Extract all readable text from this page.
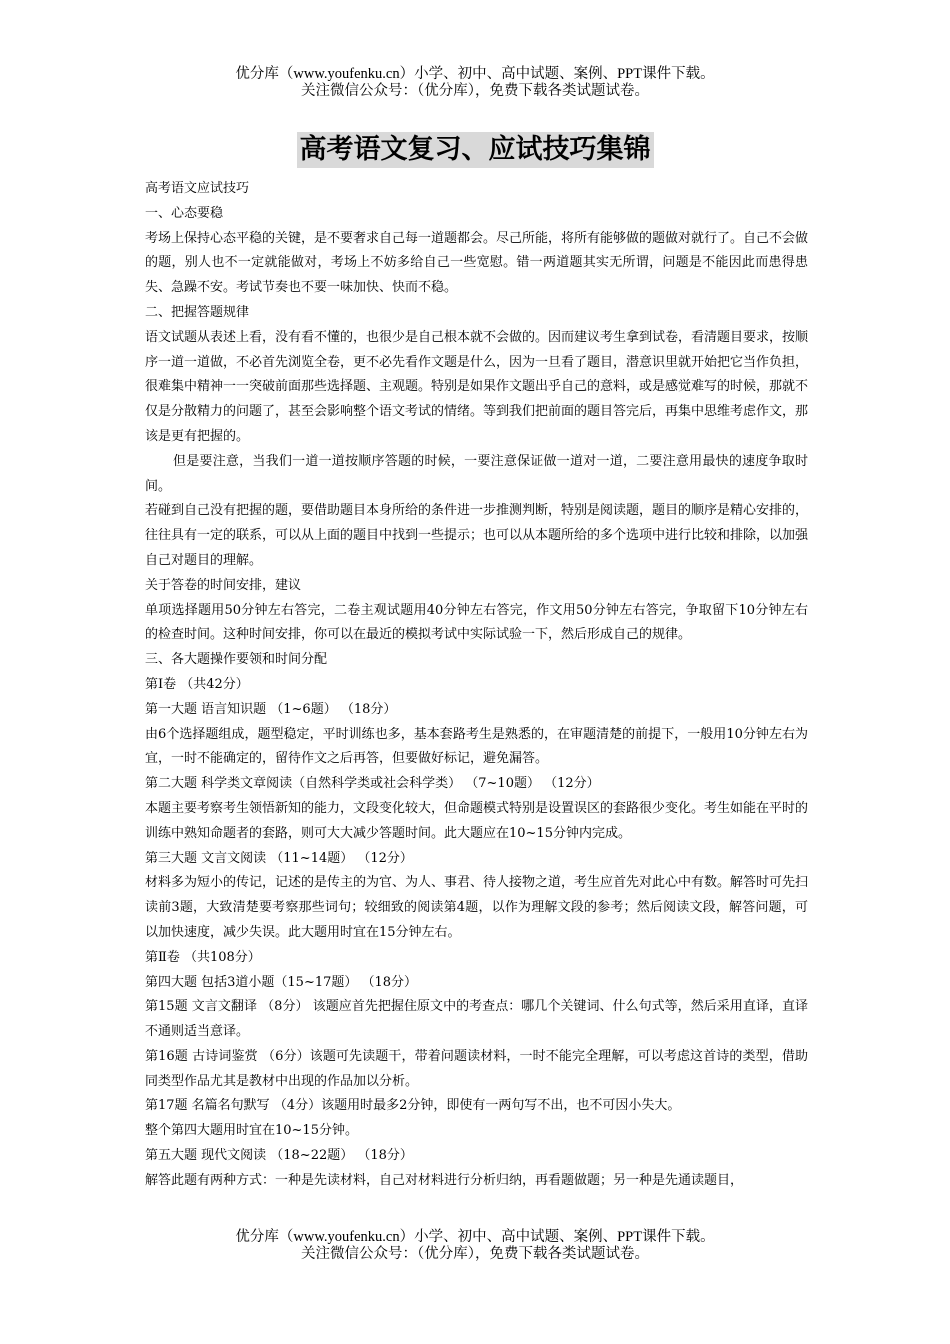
优分库（www.youfenku.cn）小学、初中、高中试题、案例、PPT课件下载。
关注微信公众号：（优分库），免费下载各类试题试卷。
高考语文复习、应试技巧集锦

高考语文应试技巧

一、心态要稳

考场上保持心态平稳的关键，是不要奢求自己每一道题都会。尽己所能，将所有能够做的题做对就行了。自己不会做的题，别人也不一定就能做对，考场上不妨多给自己一些宽慰。错一两道题其实无所谓，问题是不能因此而患得患失、急躁不安。考试节奏也不要一味加快、快而不稳。

二、把握答题规律

语文试题从表述上看，没有看不懂的，也很少是自己根本就不会做的。因而建议考生拿到试卷，看清题目要求，按顺序一道一道做，不必首先浏览全卷，更不必先看作文题是什么，因为一旦看了题目，潜意识里就开始把它当作负担，很难集中精神一一突破前面那些选择题、主观题。特别是如果作文题出乎自己的意料，或是感觉难写的时候，那就不仅是分散精力的问题了，甚至会影响整个语文考试的情绪。等到我们把前面的题目答完后，再集中思维考虑作文，那该是更有把握的。

但是要注意，当我们一道一道按顺序答题的时候，一要注意保证做一道对一道，二要注意用最快的速度争取时间。

若碰到自己没有把握的题，要借助题目本身所给的条件进一步推测判断，特别是阅读题，题目的顺序是精心安排的，往往具有一定的联系，可以从上面的题目中找到一些提示；也可以从本题所给的多个选项中进行比较和排除，以加强自己对题目的理解。

关于答卷的时间安排，建议

单项选择题用50分钟左右答完，二卷主观试题用40分钟左右答完，作文用50分钟左右答完，争取留下10分钟左右的检查时间。这种时间安排，你可以在最近的模拟考试中实际试验一下，然后形成自己的规律。

三、各大题操作要领和时间分配

第Ⅰ卷 （共42分）

第一大题 语言知识题 （1~6题） （18分）

由6个选择题组成，题型稳定，平时训练也多，基本套路考生是熟悉的，在审题清楚的前提下，一般用10分钟左右为宜，一时不能确定的，留待作文之后再答，但要做好标记，避免漏答。

第二大题 科学类文章阅读（自然科学类或社会科学类） （7~10题） （12分）

本题主要考察考生领悟新知的能力，文段变化较大，但命题模式特别是设置误区的套路很少变化。考生如能在平时的训练中熟知命题者的套路，则可大大减少答题时间。此大题应在10~15分钟内完成。

第三大题 文言文阅读 （11~14题） （12分）

材料多为短小的传记，记述的是传主的为官、为人、事君、待人接物之道，考生应首先对此心中有数。解答时可先扫读前3题，大致清楚要考察那些词句；较细致的阅读第4题，以作为理解文段的参考；然后阅读文段，解答问题，可以加快速度，减少失误。此大题用时宜在15分钟左右。

第Ⅱ卷 （共108分）

第四大题 包括3道小题（15~17题） （18分）

第15题 文言文翻译 （8分） 该题应首先把握住原文中的考查点：哪几个关键词、什么句式等，然后采用直译，直译不通则适当意译。

第16题 古诗词鉴赏 （6分）该题可先读题干，带着问题读材料，一时不能完全理解，可以考虑这首诗的类型，借助同类型作品尤其是教材中出现的作品加以分析。

第17题 名篇名句默写 （4分）该题用时最多2分钟，即使有一两句写不出，也不可因小失大。

整个第四大题用时宜在10~15分钟。

第五大题 现代文阅读 （18~22题） （18分）

解答此题有两种方式：一种是先读材料，自己对材料进行分析归纳，再看题做题；另一种是先通读题目，

优分库（www.youfenku.cn）小学、初中、高中试题、案例、PPT课件下载。
关注微信公众号：（优分库），免费下载各类试题试卷。
